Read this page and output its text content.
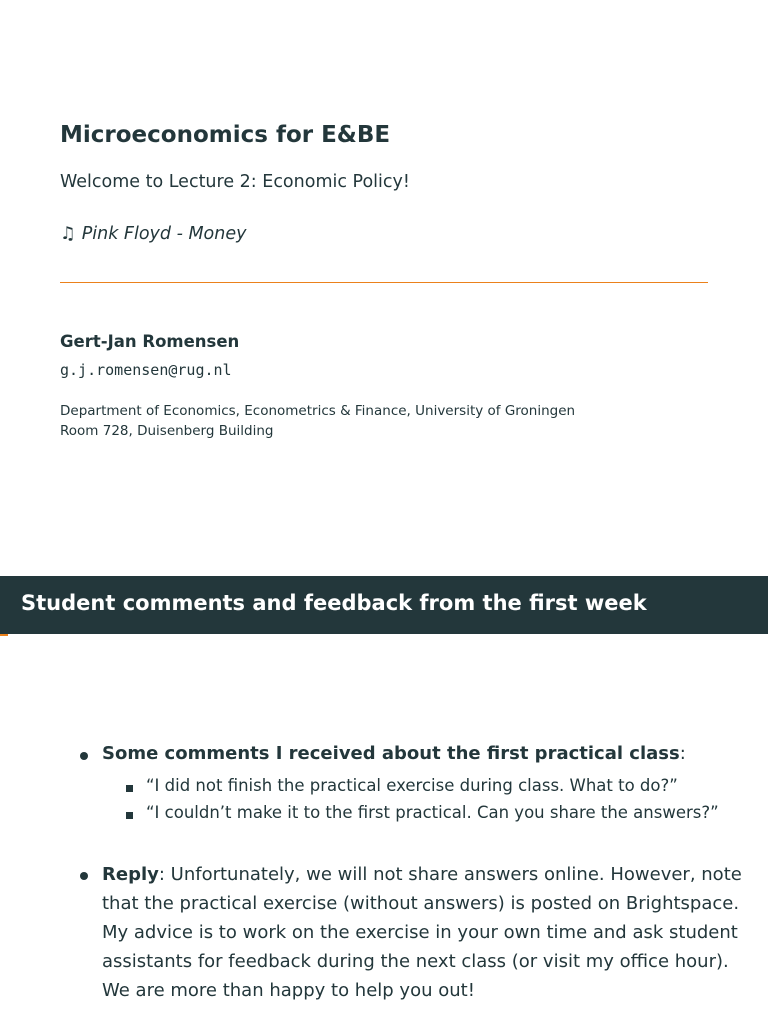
Microeconomics for E&BE
Welcome to Lecture 2: Economic Policy!
♫ Pink Floyd - Money
Gert-Jan Romensen
g.j.romensen@rug.nl
Department of Economics, Econometrics & Finance, University of Groningen
Room 728, Duisenberg Building
Student comments and feedback from the first week
Some comments I received about the first practical class:
“I did not finish the practical exercise during class. What to do?”
“I couldn’t make it to the first practical. Can you share the answers?”
Reply: Unfortunately, we will not share answers online. However, note
that the practical exercise (without answers) is posted on Brightspace.
My advice is to work on the exercise in your own time and ask student
assistants for feedback during the next class (or visit my office hour).
We are more than happy to help you out!
